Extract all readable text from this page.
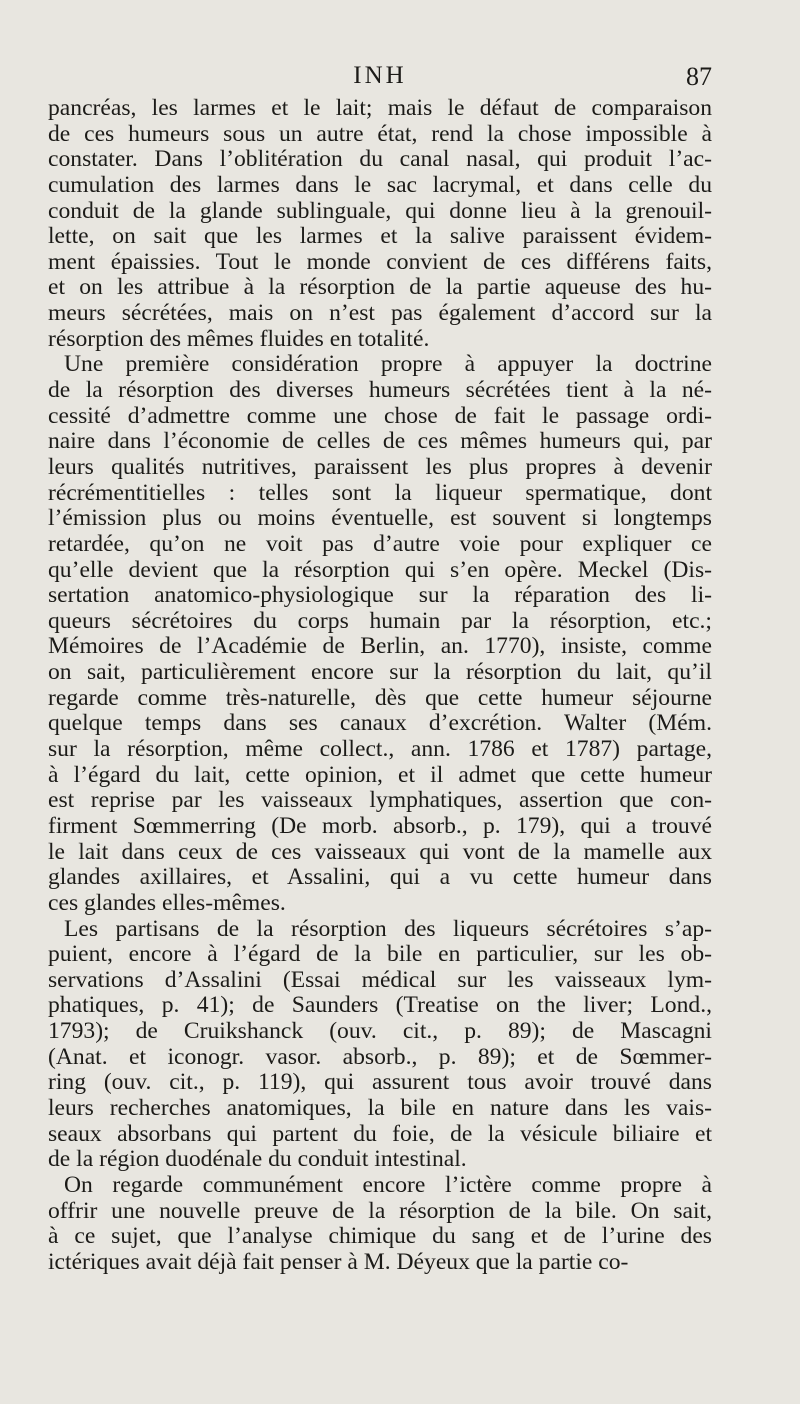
INH	87
pancréas, les larmes et le lait; mais le défaut de comparaison
de ces humeurs sous un autre état, rend la chose impossible à
constater. Dans l’oblitération du canal nasal, qui produit l’ac-
cumulation des larmes dans le sac lacrymal, et dans celle du
conduit de la glande sublinguale, qui donne lieu à la grenouil-
lette, on sait que les larmes et la salive paraissent évidem-
ment épaissies. Tout le monde convient de ces différens faits,
et on les attribue à la résorption de la partie aqueuse des hu-
meurs sécrétées, mais on n’est pas également d’accord sur la
résorption des mêmes fluides en totalité.
Une première considération propre à appuyer la doctrine
de la résorption des diverses humeurs sécrétées tient à la né-
cessité d’admettre comme une chose de fait le passage ordi-
naire dans l’économie de celles de ces mêmes humeurs qui, par
leurs qualités nutritives, paraissent les plus propres à devenir
récrémentitielles : telles sont la liqueur spermatique, dont
l’émission plus ou moins éventuelle, est souvent si longtemps
retardée, qu’on ne voit pas d’autre voie pour expliquer ce
qu’elle devient que la résorption qui s’en opère. Meckel (Dis-
sertation anatomico-physiologique sur la réparation des li-
queurs sécrétoires du corps humain par la résorption, etc.;
Mémoires de l’Académie de Berlin, an. 1770), insiste, comme
on sait, particulièrement encore sur la résorption du lait, qu’il
regarde comme très-naturelle, dès que cette humeur séjourne
quelque temps dans ses canaux d’excrétion. Walter (Mém.
sur la résorption, même collect., ann. 1786 et 1787) partage,
à l’égard du lait, cette opinion, et il admet que cette humeur
est reprise par les vaisseaux lymphatiques, assertion que con-
firment Sœmmerring (De morb. absorb., p. 179), qui a trouvé
le lait dans ceux de ces vaisseaux qui vont de la mamelle aux
glandes axillaires, et Assalini, qui a vu cette humeur dans
ces glandes elles-mêmes.
Les partisans de la résorption des liqueurs sécrétoires s’ap-
puient, encore à l’égard de la bile en particulier, sur les ob-
servations d’Assalini (Essai médical sur les vaisseaux lym-
phatiques, p. 41); de Saunders (Treatise on the liver; Lond.,
1793); de Cruikshanck (ouv. cit., p. 89); de Mascagni
(Anat. et iconogr. vasor. absorb., p. 89); et de Sœmmer-
ring (ouv. cit., p. 119), qui assurent tous avoir trouvé dans
leurs recherches anatomiques, la bile en nature dans les vais-
seaux absorbans qui partent du foie, de la vésicule biliaire et
de la région duodénale du conduit intestinal.
On regarde communément encore l’ictère comme propre à
offrir une nouvelle preuve de la résorption de la bile. On sait,
à ce sujet, que l’analyse chimique du sang et de l’urine des
ictériques avait déjà fait penser à M. Déyeux que la partie co-
